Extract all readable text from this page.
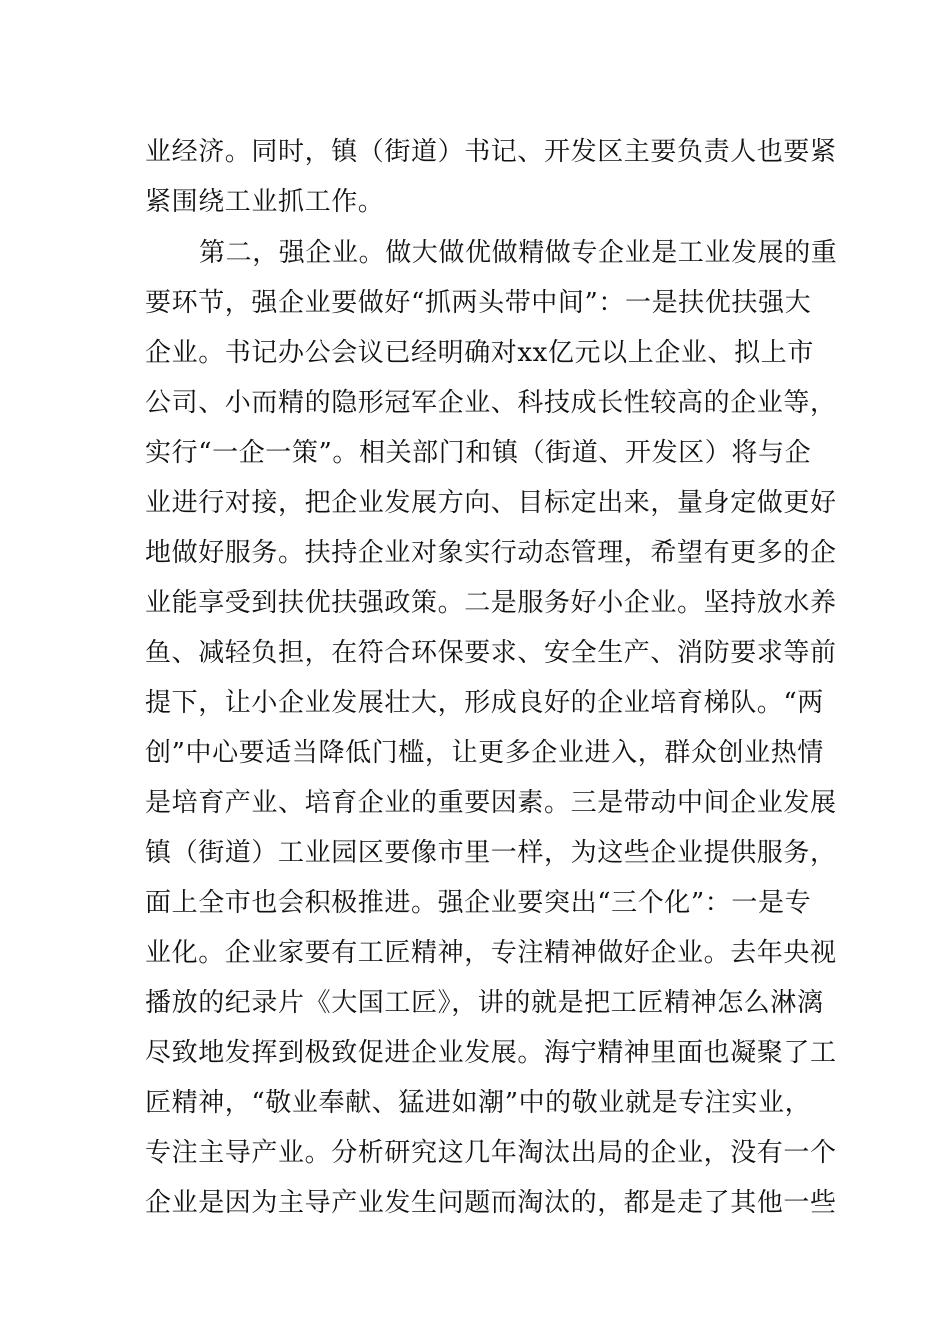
业经济。同时，镇（街道）书记、开发区主要负责人也要紧
紧围绕工业抓工作。
第二，强企业。做大做优做精做专企业是工业发展的重
要环节，强企业要做好“抓两头带中间”：一是扶优扶强大
企业。书记办公会议已经明确对xx亿元以上企业、拟上市
公司、小而精的隐形冠军企业、科技成长性较高的企业等，
实行“一企一策”。相关部门和镇（街道、开发区）将与企
业进行对接，把企业发展方向、目标定出来，量身定做更好
地做好服务。扶持企业对象实行动态管理，希望有更多的企
业能享受到扶优扶强政策。二是服务好小企业。坚持放水养
鱼、减轻负担，在符合环保要求、安全生产、消防要求等前
提下，让小企业发展壮大，形成良好的企业培育梯队。“两
创”中心要适当降低门槛，让更多企业进入，群众创业热情
是培育产业、培育企业的重要因素。三是带动中间企业发展
镇（街道）工业园区要像市里一样，为这些企业提供服务，
面上全市也会积极推进。强企业要突出“三个化”：一是专
业化。企业家要有工匠精神，专注精神做好企业。去年央视
播放的纪录片《大国工匠》，讲的就是把工匠精神怎么淋漓
尽致地发挥到极致促进企业发展。海宁精神里面也凝聚了工
匠精神，“敬业奉献、猛进如潮”中的敬业就是专注实业，
专注主导产业。分析研究这几年淘汰出局的企业，没有一个
企业是因为主导产业发生问题而淘汰的，都是走了其他一些
